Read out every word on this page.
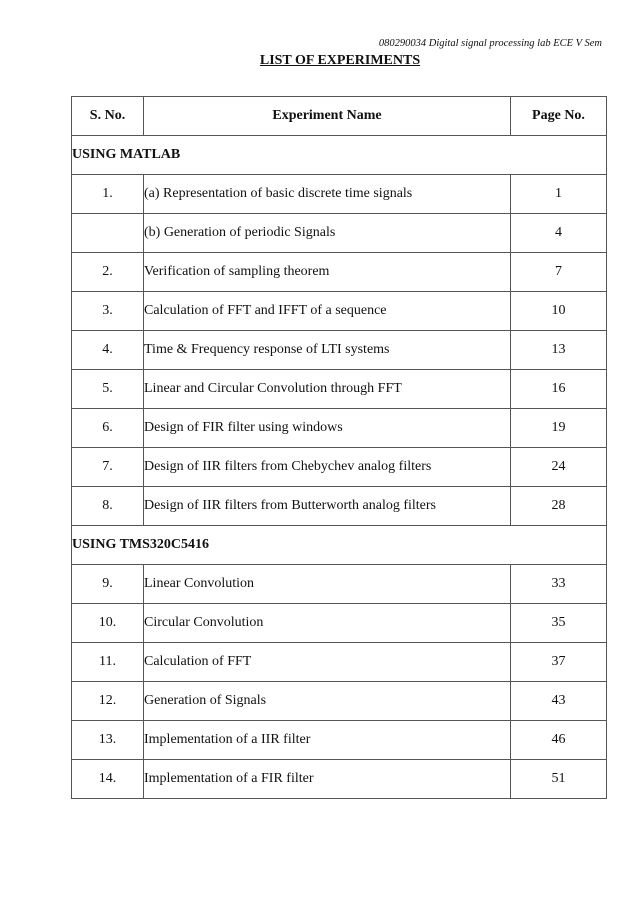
080290034 Digital signal processing lab ECE V Sem
LIST OF EXPERIMENTS
S. No.	Experiment Name	Page No.
USING MATLAB		
1.	(a) Representation of basic discrete time signals	1
	(b) Generation of periodic Signals	4
2.	Verification of sampling theorem	7
3.	Calculation of FFT and IFFT of a sequence	10
4.	Time & Frequency response of LTI systems	13
5.	Linear and Circular Convolution through FFT	16
6.	Design of FIR filter using windows	19
7.	Design of IIR filters from Chebychev analog filters	24
8.	Design of IIR filters from Butterworth analog filters	28
USING TMS320C5416		
9.	Linear Convolution	33
10.	Circular Convolution	35
11.	Calculation of FFT	37
12.	Generation of Signals	43
13.	Implementation of a IIR filter	46
14.	Implementation of a FIR filter	51
